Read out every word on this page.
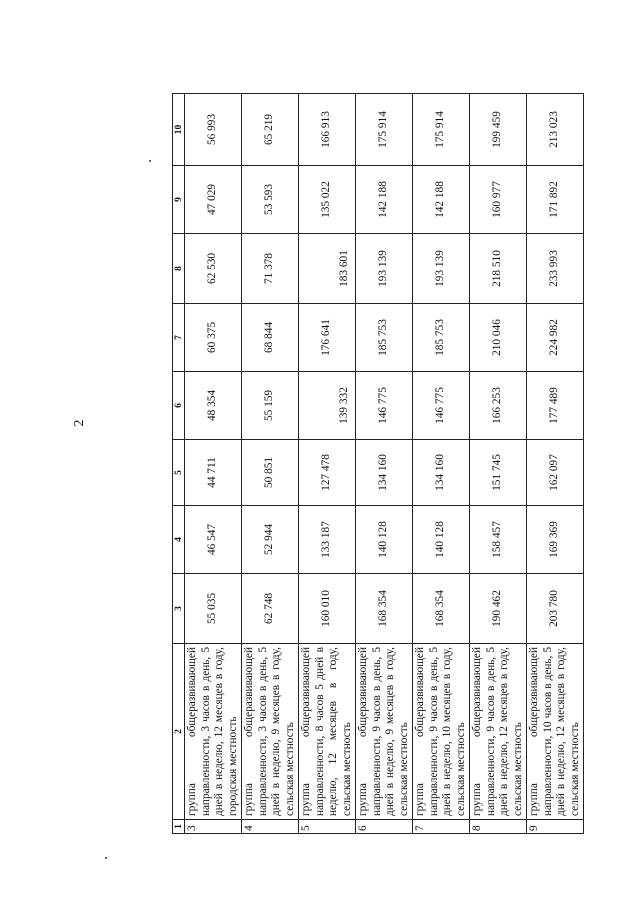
2
1	2	3	4	5	6	7	8	9	10
3	группа общеразвивающей направленности, 3 часов в день, 5 дней в неделю, 12 месяцев в году, городская местность	55 035	46 547	44 711	48 354	60 375	62 530	47 029	56 993
4	группа общеразвивающей направленности, 3 часов в день, 5 дней в неделю, 9 месяцев в году, сельская местность	62 748	52 944	50 851	55 159	68 844	71 378	53 593	65 219
5	группа общеразвивающей направленности, 8 часов 5 дней в неделю, 12 месяцев в году, сельская местность	160 010	133 187	127 478	139 332	176 641	183 601	135 022	166 913
6	группа общеразвивающей направленности, 9 часов в день, 5 дней в неделю, 9 месяцев в году, сельская местность	168 354	140 128	134 160	146 775	185 753	193 139	142 188	175 914
7	группа общеразвивающей направленности, 9 часов в день, 5 дней в неделю, 10 месяцев в году, сельская местность	168 354	140 128	134 160	146 775	185 753	193 139	142 188	175 914
8	группа общеразвивающей направленности, 9 часов в день, 5 дней в неделю, 12 месяцев в году, сельская местность	190 462	158 457	151 745	166 253	210 046	218 510	160 977	199 459
9	группа общеразвивающей направленности, 10 часов в день, 5 дней в неделю, 12 месяцев в году, сельская местность	203 780	169 369	162 097	177 489	224 982	233 993	171 892	213 023
